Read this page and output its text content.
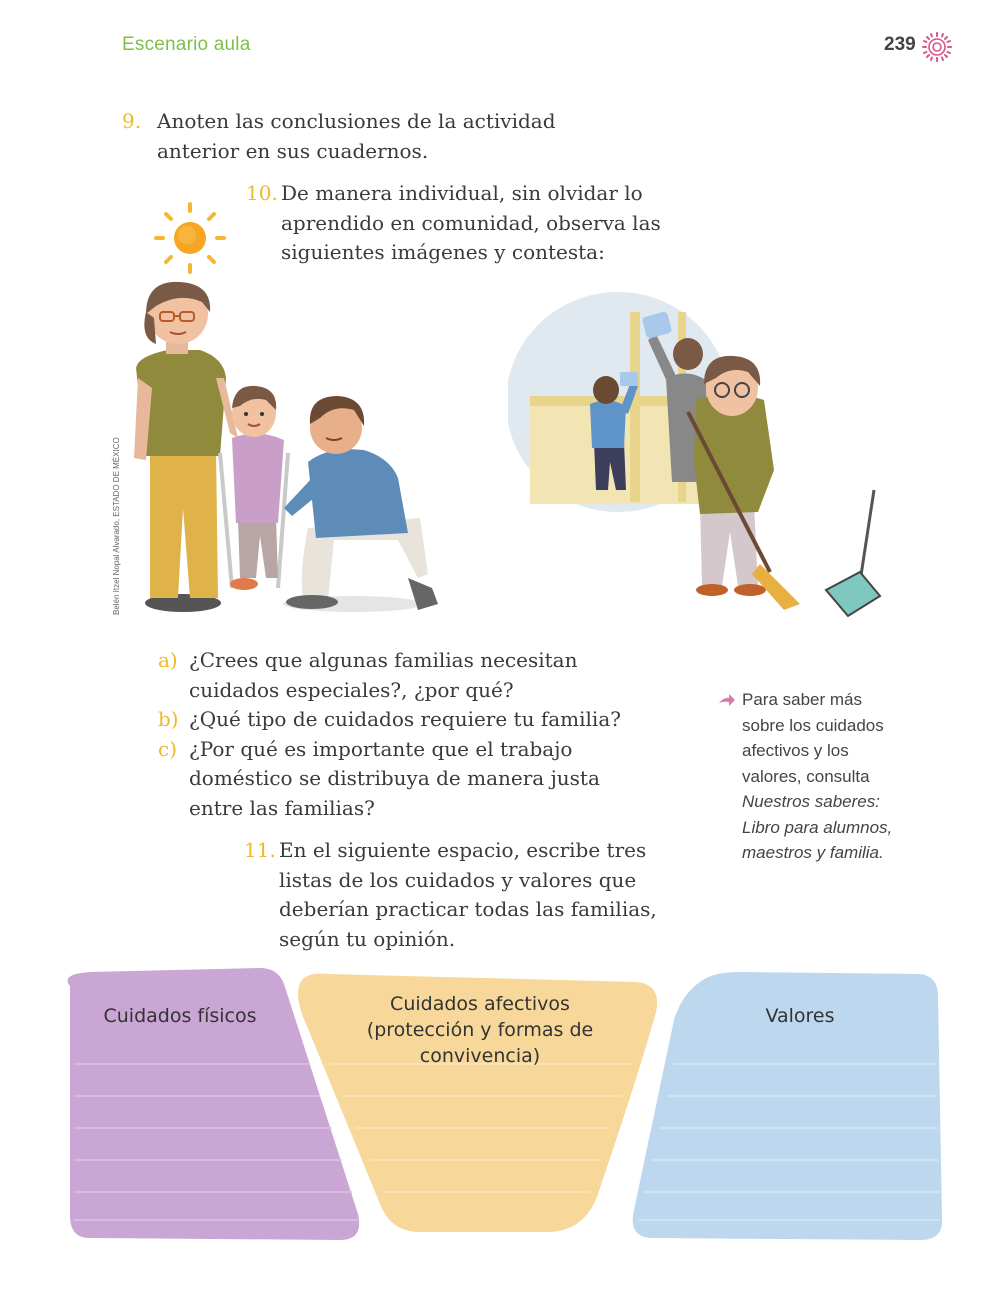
Escenario aula	239
9. Anoten las conclusiones de la actividad
anterior en sus cuadernos.
10. De manera individual, sin olvidar lo
aprendido en comunidad, observa las
siguientes imágenes y contesta:
Belén Itzel Nopal Alvarado, ESTADO DE MÉXICO
a) ¿Crees que algunas familias necesitan
cuidados especiales?, ¿por qué?
b) ¿Qué tipo de cuidados requiere tu familia?
c) ¿Por qué es importante que el trabajo
doméstico se distribuya de manera justa
entre las familias?
Para saber más
sobre los cuidados
afectivos y los
valores, consulta
Nuestros saberes:
Libro para alumnos,
maestros y familia.
11. En el siguiente espacio, escribe tres
listas de los cuidados y valores que
deberían practicar todas las familias,
según tu opinión.
Cuidados físicos
Cuidados afectivos
(protección y formas de convivencia)
Valores
